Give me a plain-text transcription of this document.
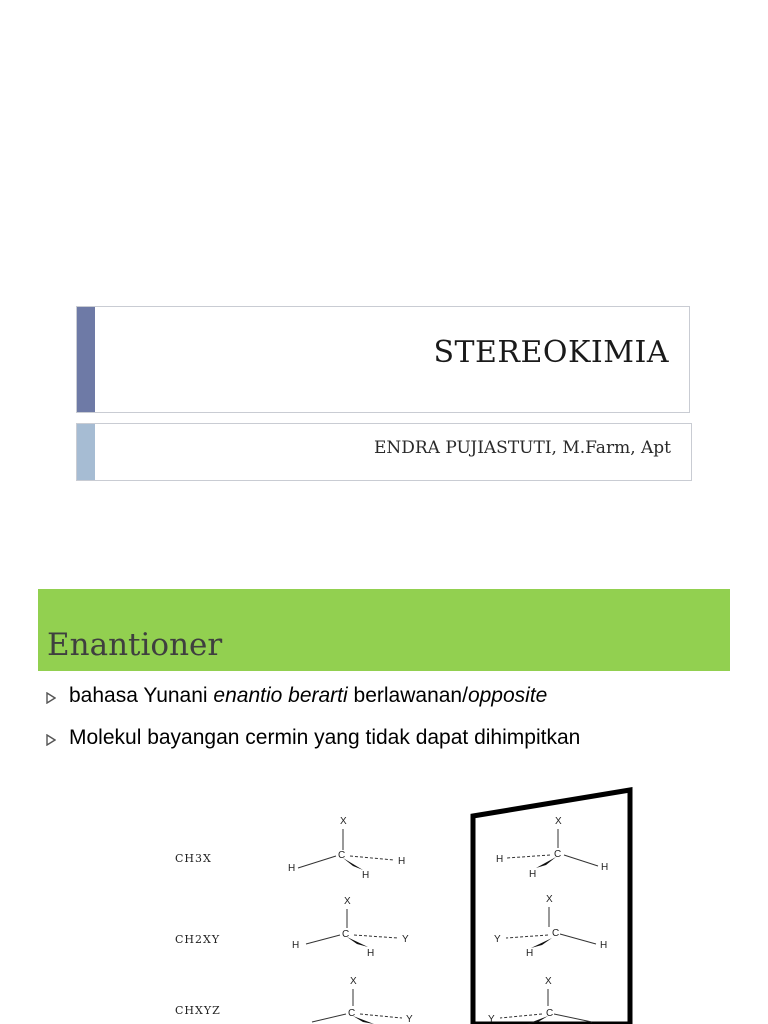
STEREOKIMIA
ENDRA PUJIASTUTI, M.Farm, Apt
Enantioner
bahasa Yunani enantio berarti berlawanan/opposite
Molekul bayangan cermin yang tidak dapat dihimpitkan
CH3X
CH2XY
CHXYZ
X
C
H
H
H
X
C
H
Y
H
X
C
Y
X
C
H
H
H
X
C
H
Y
H
X
C
Y
